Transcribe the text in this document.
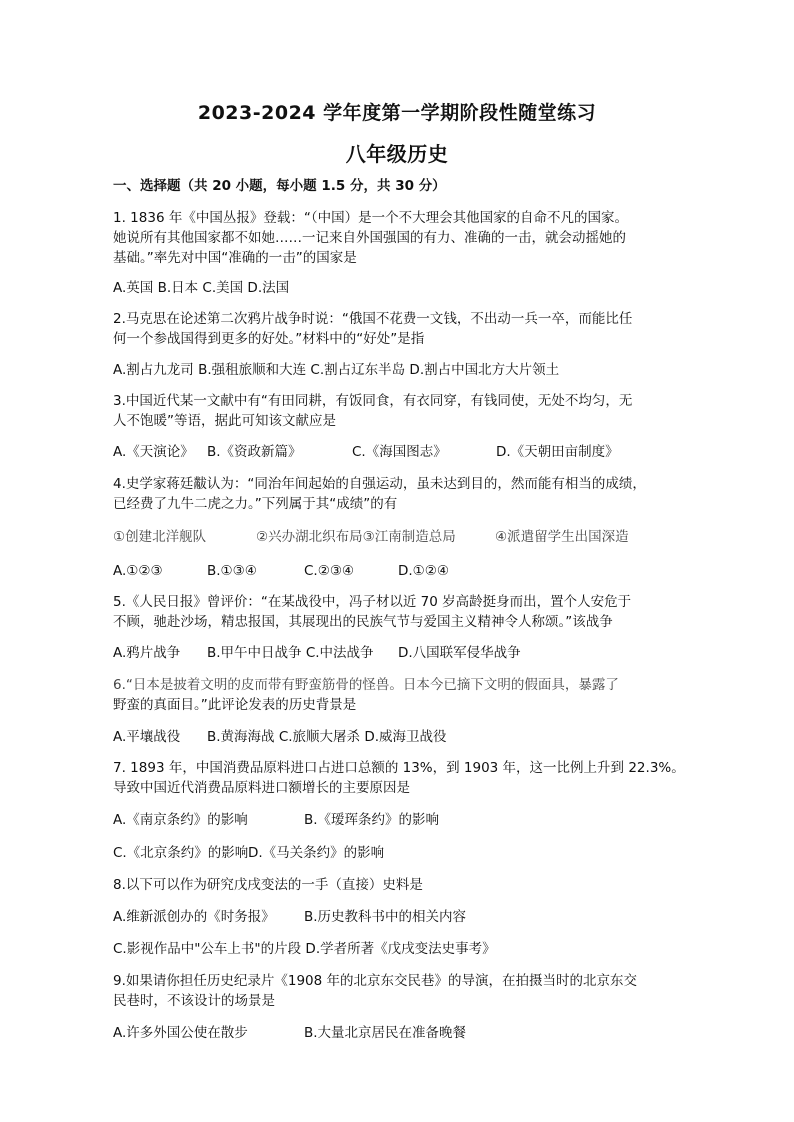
2023-2024 学年度第一学期阶段性随堂练习
八年级历史
一、选择题（共 20 小题，每小题 1.5 分，共 30 分）
1. 1836 年《中国丛报》登载：“（中国）是一个不大理会其他国家的自命不凡的国家。
她说所有其他国家都不如她……一记来自外国强国的有力、准确的一击，就会动摇她的
基础。”率先对中国“准确的一击”的国家是
A.英国 B.日本 C.美国 D.法国
2.马克思在论述第二次鸦片战争时说：“俄国不花费一文钱，不出动一兵一卒，而能比任
何一个参战国得到更多的好处。”材料中的“好处”是指
A.割占九龙司 B.强租旅顺和大连 C.割占辽东半岛 D.割占中国北方大片领土
3.中国近代某一文献中有“有田同耕，有饭同食，有衣同穿，有钱同使，无处不均匀，无
人不饱暖”等语，据此可知该文献应是
A.《天演论》 B.《资政新篇》	C.《海国图志》	D.《天朝田亩制度》
4.史学家蒋廷黻认为：“同治年间起始的自强运动，虽未达到目的，然而能有相当的成绩，
已经费了九牛二虎之力。”下列属于其“成绩”的有
①创建北洋舰队	②兴办湖北织布局③江南制造总局	④派遣留学生出国深造
A.①②③	B.①③④	C.②③④	D.①②④
5.《人民日报》曾评价：“在某战役中，冯子材以近 70 岁高龄挺身而出，置个人安危于
不顾，驰赴沙场，精忠报国，其展现出的民族气节与爱国主义精神令人称颂。”该战争
A.鸦片战争 B.甲午中日战争 C.中法战争 D.八国联军侵华战争
6.“日本是披着文明的皮而带有野蛮筋骨的怪兽。日本今已摘下文明的假面具，暴露了
野蛮的真面目。”此评论发表的历史背景是
A.平壤战役 B.黄海海战 C.旅顺大屠杀 D.威海卫战役
7. 1893 年，中国消费品原料进口占进口总额的 13%，到 1903 年，这一比例上升到 22.3%。
导致中国近代消费品原料进口额增长的主要原因是
A.《南京条约》的影响	B.《瑷珲条约》的影响
C.《北京条约》的影响 D.《马关条约》的影响
8.以下可以作为研究戊戌变法的一手（直接）史料是
A.维新派创办的《时务报》 B.历史教科书中的相关内容
C.影视作品中"公车上书"的片段 D.学者所著《戊戌变法史事考》
9.如果请你担任历史纪录片《1908 年的北京东交民巷》的导演，在拍摄当时的北京东交
民巷时，不该设计的场景是
A.许多外国公使在散步	B.大量北京居民在准备晚餐
